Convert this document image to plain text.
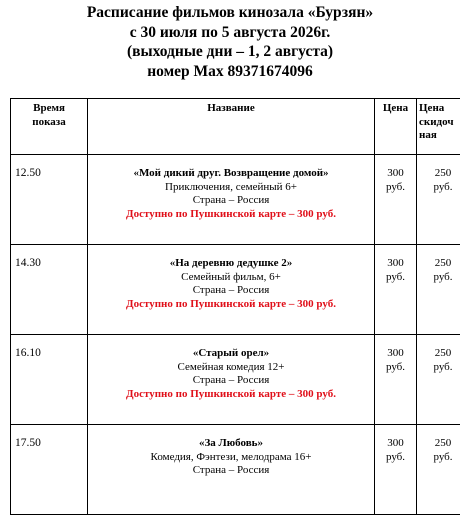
Расписание фильмов кинозала «Бурзян»
с 30 июля по 5 августа 2026г.
(выходные дни – 1, 2 августа)
номер Max 89371674096
Время
показа	Название	Цена	Цена
скидоч
ная

12.50	«Мой дикий друг. Возвращение домой»
Приключения, семейный 6+
Страна – Россия
Доступно по Пушкинской карте – 300 руб.	300
руб.	250
руб.

14.30	«На деревню дедушке 2»
Семейный фильм, 6+
Страна – Россия
Доступно по Пушкинской карте – 300 руб.	300
руб.	250
руб.

16.10	«Старый орел»
Семейная комедия 12+
Страна – Россия
Доступно по Пушкинской карте – 300 руб.	300
руб.	250
руб.

17.50	«За Любовь»
Комедия, Фэнтези, мелодрама 16+
Страна – Россия	300
руб.	250
руб.
